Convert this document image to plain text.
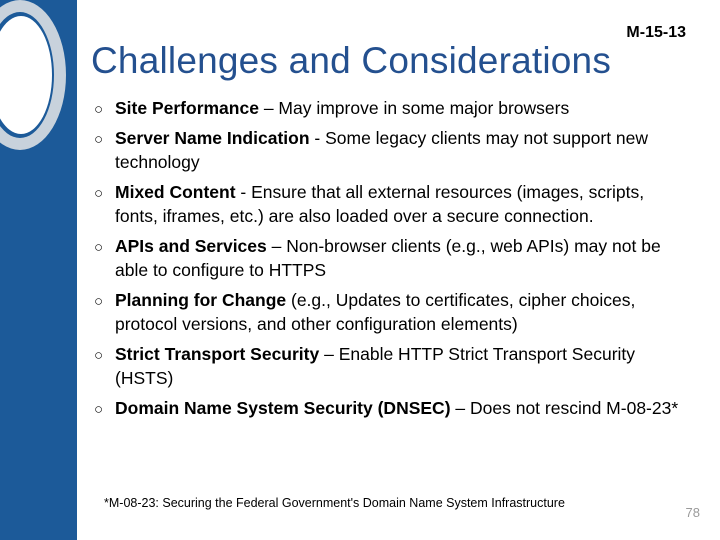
M-15-13
Challenges and Considerations
○ Site Performance – May improve in some major browsers
○ Server Name Indication - Some legacy clients may not support new technology
○ Mixed Content - Ensure that all external resources (images, scripts, fonts, iframes, etc.) are also loaded over a secure connection.
○ APIs and Services – Non-browser clients (e.g., web APIs) may not be able to configure to HTTPS
○ Planning for Change (e.g., Updates to certificates, cipher choices, protocol versions, and other configuration elements)
○ Strict Transport Security – Enable HTTP Strict Transport Security (HSTS)
○ Domain Name System Security (DNSEC) – Does not rescind M-08-23*
*M-08-23: Securing the Federal Government's Domain Name System Infrastructure
78
